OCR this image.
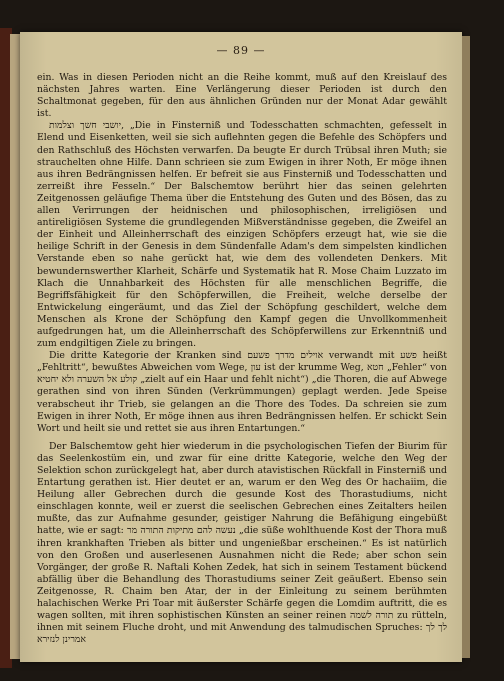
— 89 —

ein. Was in diesen Perioden nicht an die Reihe kommt, muß auf den Kreislauf des nächsten Jahres warten. Eine Verlängerung dieser Perioden ist durch den Schaltmonat gegeben, für den aus ähnlichen Gründen nur der Monat Adar gewählt ist.

יושבי חשך וצלמות, „Die in Finsterniß und Todesschatten schmachten, gefesselt in Elend und Eisenketten, weil sie sich auflehnten gegen die Befehle des Schöpfers und den Rathschluß des Höchsten verwarfen. Da beugte Er durch Trübsal ihren Muth; sie strauchelten ohne Hilfe. Dann schrieen sie zum Ewigen in ihrer Noth, Er möge ihnen aus ihren Bedrängnissen helfen. Er befreit sie aus Finsterniß und Todesschatten und zerreißt ihre Fesseln.“ Der Balschemtow berührt hier das seinen gelehrten Zeitgenossen geläufige Thema über die Entstehung des Guten und des Bösen, das zu allen Verirrungen der heidnischen und philosophischen, irreligiösen und antireligiösen Systeme die grundlegenden Mißverständnisse gegeben, die Zweifel an der Einheit und Alleinherrschaft des einzigen Schöpfers erzeugt hat, wie sie die heilige Schrift in der Genesis in dem Sündenfalle Adam's dem simpelsten kindlichen Verstande eben so nahe gerückt hat, wie dem des vollendeten Denkers. Mit bewundernswerther Klarheit, Schärfe und Systematik hat R. Mose Chaim Luzzato im Klach die Unnahbarkeit des Höchsten für alle menschlichen Begriffe, die Begriffsfähigkeit für den Schöpferwillen, die Freiheit, welche derselbe der Entwickelung eingeräumt, und das Ziel der Schöpfung geschildert, welche dem Menschen als Krone der Schöpfung den Kampf gegen die Unvollkommenheit aufgedrungen hat, um die Alleinherrschaft des Schöpferwillens zur Erkenntniß und zum endgiltigen Ziele zu bringen.

Die dritte Kategorie der Kranken sind אוילים מדרך פשעם verwandt mit פשע heißt „Fehltritt“, bewußtes Abweichen vom Wege, עון ist der krumme Weg, חטא „Fehler“ von קולע אל השערה ולא יחטיא „zielt auf ein Haar und fehlt nicht“) „die Thoren, die auf Abwege gerathen sind von ihren Sünden (Verkrümmungen) geplagt werden. Jede Speise verabscheut ihr Trieb, sie gelangen an die Thore des Todes. Da schreien sie zum Ewigen in ihrer Noth, Er möge ihnen aus ihren Bedrängnissen helfen. Er schickt Sein Wort und heilt sie und rettet sie aus ihren Entartungen.“

Der Balschemtow geht hier wiederum in die psychologischen Tiefen der Biurim für das Seelenkostüm ein, und zwar für eine dritte Kategorie, welche den Weg der Selektion schon zurückgelegt hat, aber durch atavistischen Rückfall in Finsterniß und Entartung gerathen ist. Hier deutet er an, warum er den Weg des Or hachaiim, die Heilung aller Gebrechen durch die gesunde Kost des Thorastudiums, nicht einschlagen konnte, weil er zuerst die seelischen Gebrechen eines Zeitalters heilen mußte, das zur Aufnahme gesunder, geistiger Nahrung die Befähigung eingebüßt hatte, wie er sagt: נעשה להם מתיקות התורה מר „die süße wohlthuende Kost der Thora muß ihren krankhaften Trieben als bitter und ungenießbar erscheinen.“ Es ist natürlich von den Großen und auserlesenen Ausnahmen nicht die Rede; aber schon sein Vorgänger, der große R. Naftali Kohen Zedek, hat sich in seinem Testament bückend abfällig über die Behandlung des Thorastudiums seiner Zeit geäußert. Ebenso sein Zeitgenosse, R. Chaim ben Atar, der in der Einleitung zu seinem berühmten halachischen Werke Pri Toar mit äußerster Schärfe gegen die Lomdim auftritt, die es wagen sollten, mit ihren sophistischen Künsten an seiner reinen תורה לשמה zu rütteln, ihnen mit seinem Fluche droht, und mit Anwendung des talmudischen Spruches: לך לך אמרינן לנזירא
